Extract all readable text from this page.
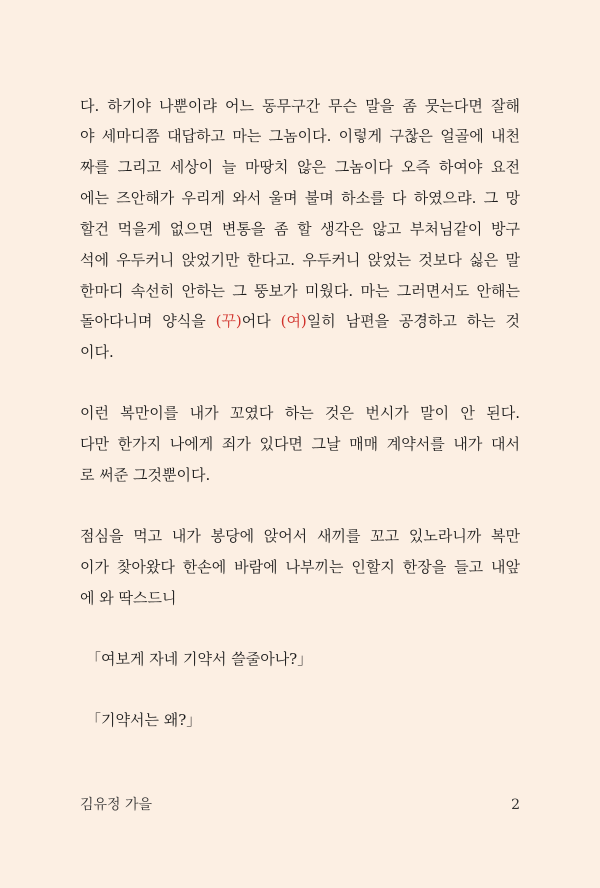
다. 하기야 나뿐이랴 어느 동무구간 무슨 말을 좀 뭇는다면 잘해
야 세마디쯤 대답하고 마는 그놈이다. 이렇게 구찮은 얼골에 내천
짜를 그리고 세상이 늘 마땅치 않은 그놈이다 오즉 하여야 요전
에는 즈안해가 우리게 와서 울며 불며 하소를 다 하였으랴. 그 망
할건 먹을게 없으면 변통을 좀 할 생각은 않고 부처님같이 방구
석에 우두커니 앉었기만 한다고. 우두커니 앉었는 것보다 싫은 말
한마디 속선히 안하는 그 뚱보가 미웠다. 마는 그러면서도 안해는
돌아다니며 양식을 (꾸)어다 (여)일히 남편을 공경하고 하는 것
이다.
이런 복만이를 내가 꼬였다 하는 것은 번시가 말이 안 된다.
다만 한가지 나에게 죄가 있다면 그날 매매 계약서를 내가 대서
로 써준 그것뿐이다.
점심을 먹고 내가 봉당에 앉어서 새끼를 꼬고 있노라니까 복만
이가 찾아왔다 한손에 바람에 나부끼는 인할지 한장을 들고 내앞
에 와 딱스드니
「여보게 자네 기약서 쓸줄아나?」
「기약서는 왜?」
김유정 가을	2
